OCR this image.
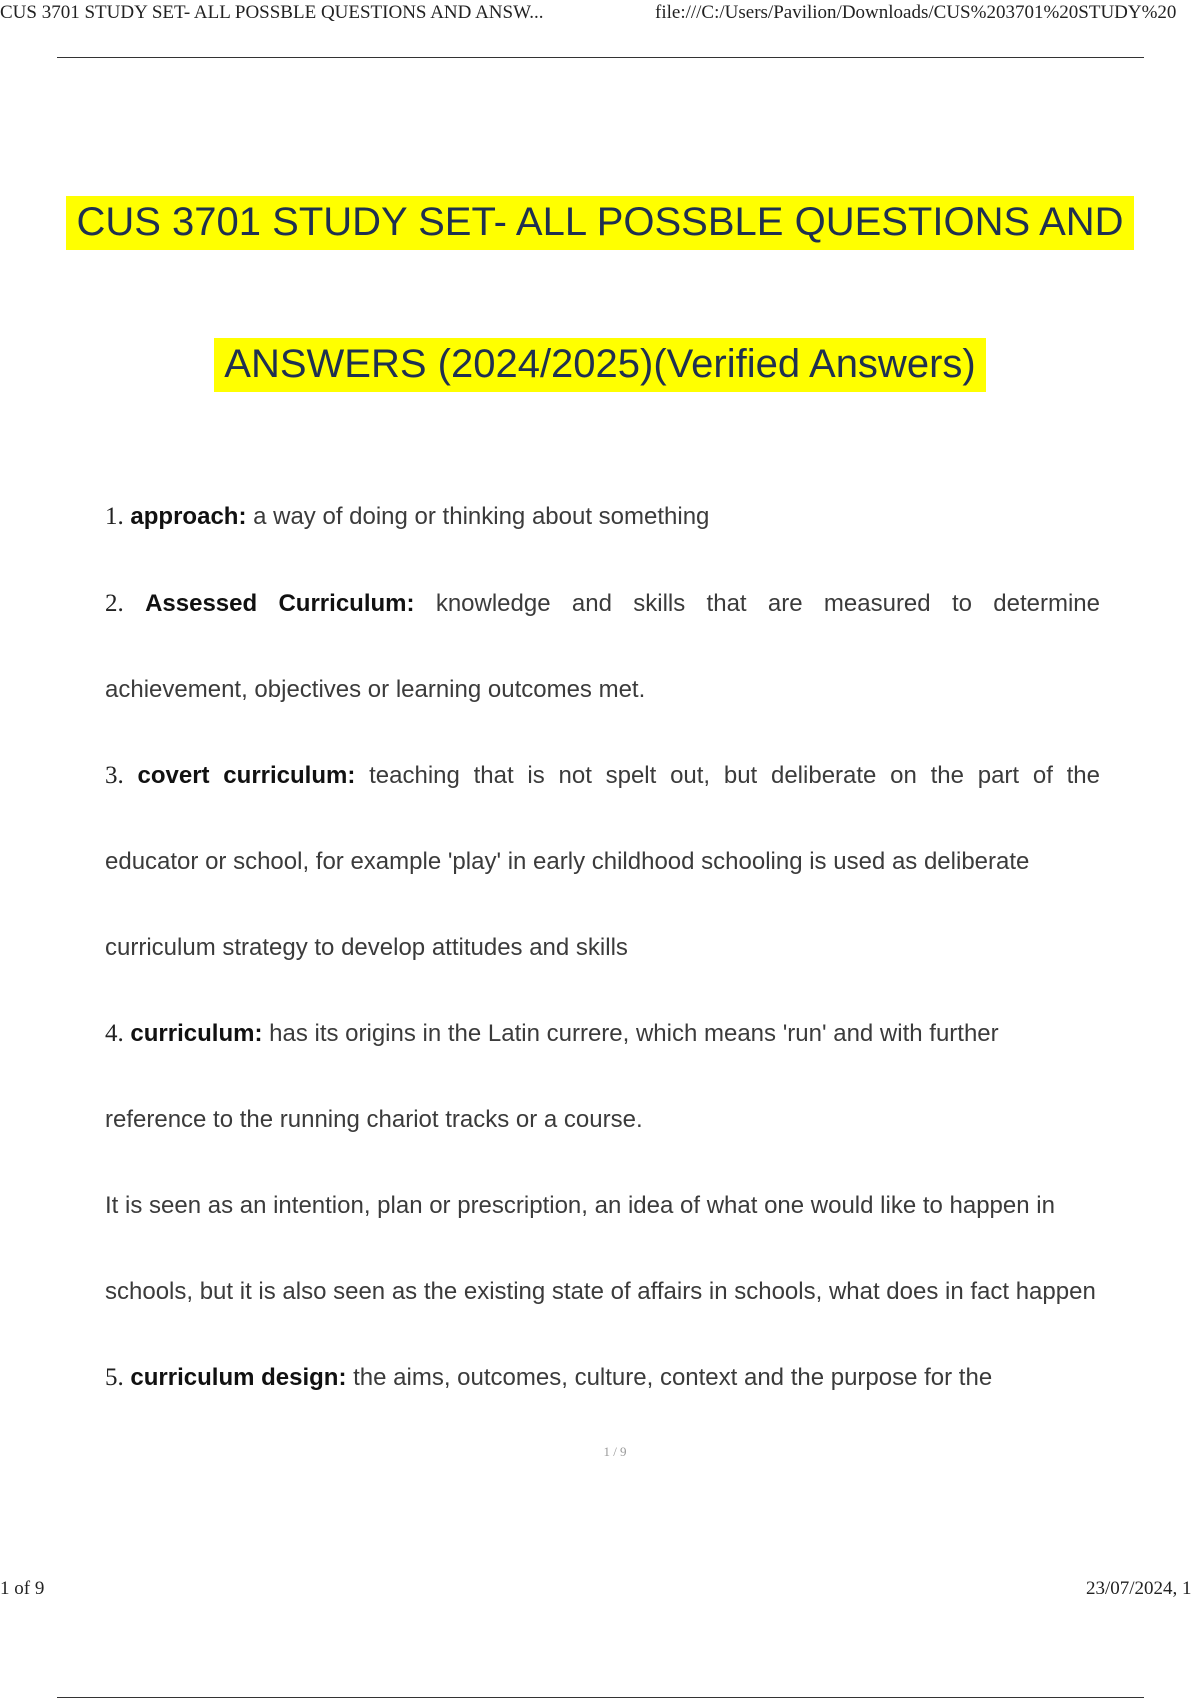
CUS 3701 STUDY SET- ALL POSSBLE QUESTIONS AND ANSW...	file:///C:/Users/Pavilion/Downloads/CUS%203701%20STUDY%20
CUS 3701 STUDY SET- ALL POSSBLE QUESTIONS AND
ANSWERS (2024/2025)(Verified Answers)
1. approach: a way of doing or thinking about something
2. Assessed Curriculum: knowledge and skills that are measured to determine
achievement, objectives or learning outcomes met.
3. covert curriculum: teaching that is not spelt out, but deliberate on the part of the
educator or school, for example 'play' in early childhood schooling is used as deliberate
curriculum strategy to develop attitudes and skills
4. curriculum: has its origins in the Latin currere, which means 'run' and with further
reference to the running chariot tracks or a course.
It is seen as an intention, plan or prescription, an idea of what one would like to happen in
schools, but it is also seen as the existing state of affairs in schools, what does in fact happen
5. curriculum design: the aims, outcomes, culture, context and the purpose for the
1 / 9
1 of 9	23/07/2024, 1
